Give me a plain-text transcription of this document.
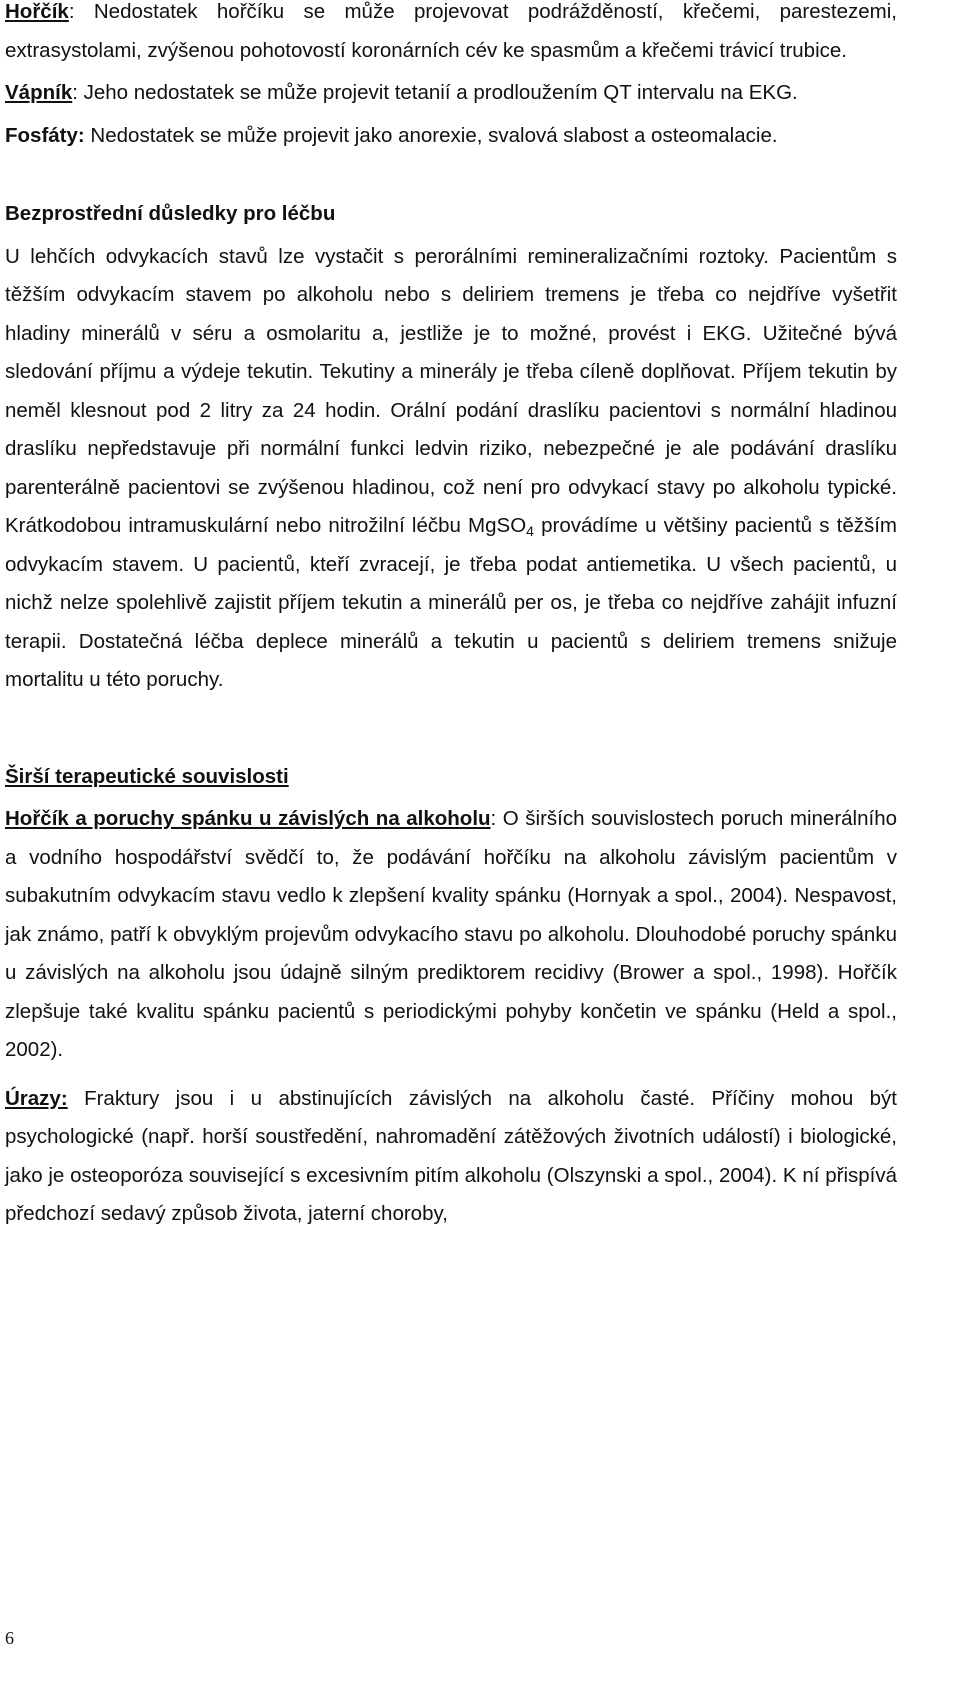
Hořčík: Nedostatek hořčíku se může projevovat podrážděností, křečemi, parestezemi, extrasystolami, zvýšenou pohotovostí koronárních cév ke spasmům a křečemi trávicí trubice.

Vápník: Jeho nedostatek se může projevit tetanií a prodloužením QT intervalu na EKG.

Fosfáty: Nedostatek se může projevit jako anorexie, svalová slabost a osteomalacie.

Bezprostřední důsledky pro léčbu

U lehčích odvykacích stavů lze vystačit s perorálními remineralizačními roztoky. Pacientům s těžším odvykacím stavem po alkoholu nebo s deliriem tremens je třeba co nejdříve vyšetřit hladiny minerálů v séru a osmolaritu a, jestliže je to možné, provést i EKG. Užitečné bývá sledování příjmu a výdeje tekutin. Tekutiny a minerály je třeba cíleně doplňovat. Příjem tekutin by neměl klesnout pod 2 litry za 24 hodin. Orální podání draslíku pacientovi s normální hladinou draslíku nepředstavuje při normální funkci ledvin riziko, nebezpečné je ale podávání draslíku parenterálně pacientovi se zvýšenou hladinou, což není pro odvykací stavy po alkoholu typické. Krátkodobou intramuskulární nebo nitrožilní léčbu MgSO$_4$ provádíme u většiny pacientů s těžším odvykacím stavem. U pacientů, kteří zvracejí, je třeba podat antiemetika. U všech pacientů, u nichž nelze spolehlivě zajistit příjem tekutin a minerálů per os, je třeba co nejdříve zahájit infuzní terapii. Dostatečná léčba deplece minerálů a tekutin u pacientů s deliriem tremens snižuje mortalitu u této poruchy.

Širší terapeutické souvislosti

Hořčík a poruchy spánku u závislých na alkoholu: O širších souvislostech poruch minerálního a vodního hospodářství svědčí to, že podávání hořčíku na alkoholu závislým pacientům v subakutním odvykacím stavu vedlo k zlepšení kvality spánku (Hornyak a spol., 2004). Nespavost, jak známo, patří k obvyklým projevům odvykacího stavu po alkoholu. Dlouhodobé poruchy spánku u závislých na alkoholu jsou údajně silným prediktorem recidivy (Brower a spol., 1998). Hořčík zlepšuje také kvalitu spánku pacientů s periodickými pohyby končetin ve spánku (Held a spol., 2002).

Úrazy: Fraktury jsou i u abstinujících závislých na alkoholu časté. Příčiny mohou být psychologické (např. horší soustředění, nahromadění zátěžových životních událostí) i biologické, jako je osteoporóza související s excesivním pitím alkoholu (Olszynski a spol., 2004). K ní přispívá předchozí sedavý způsob života, jaterní choroby,

6
